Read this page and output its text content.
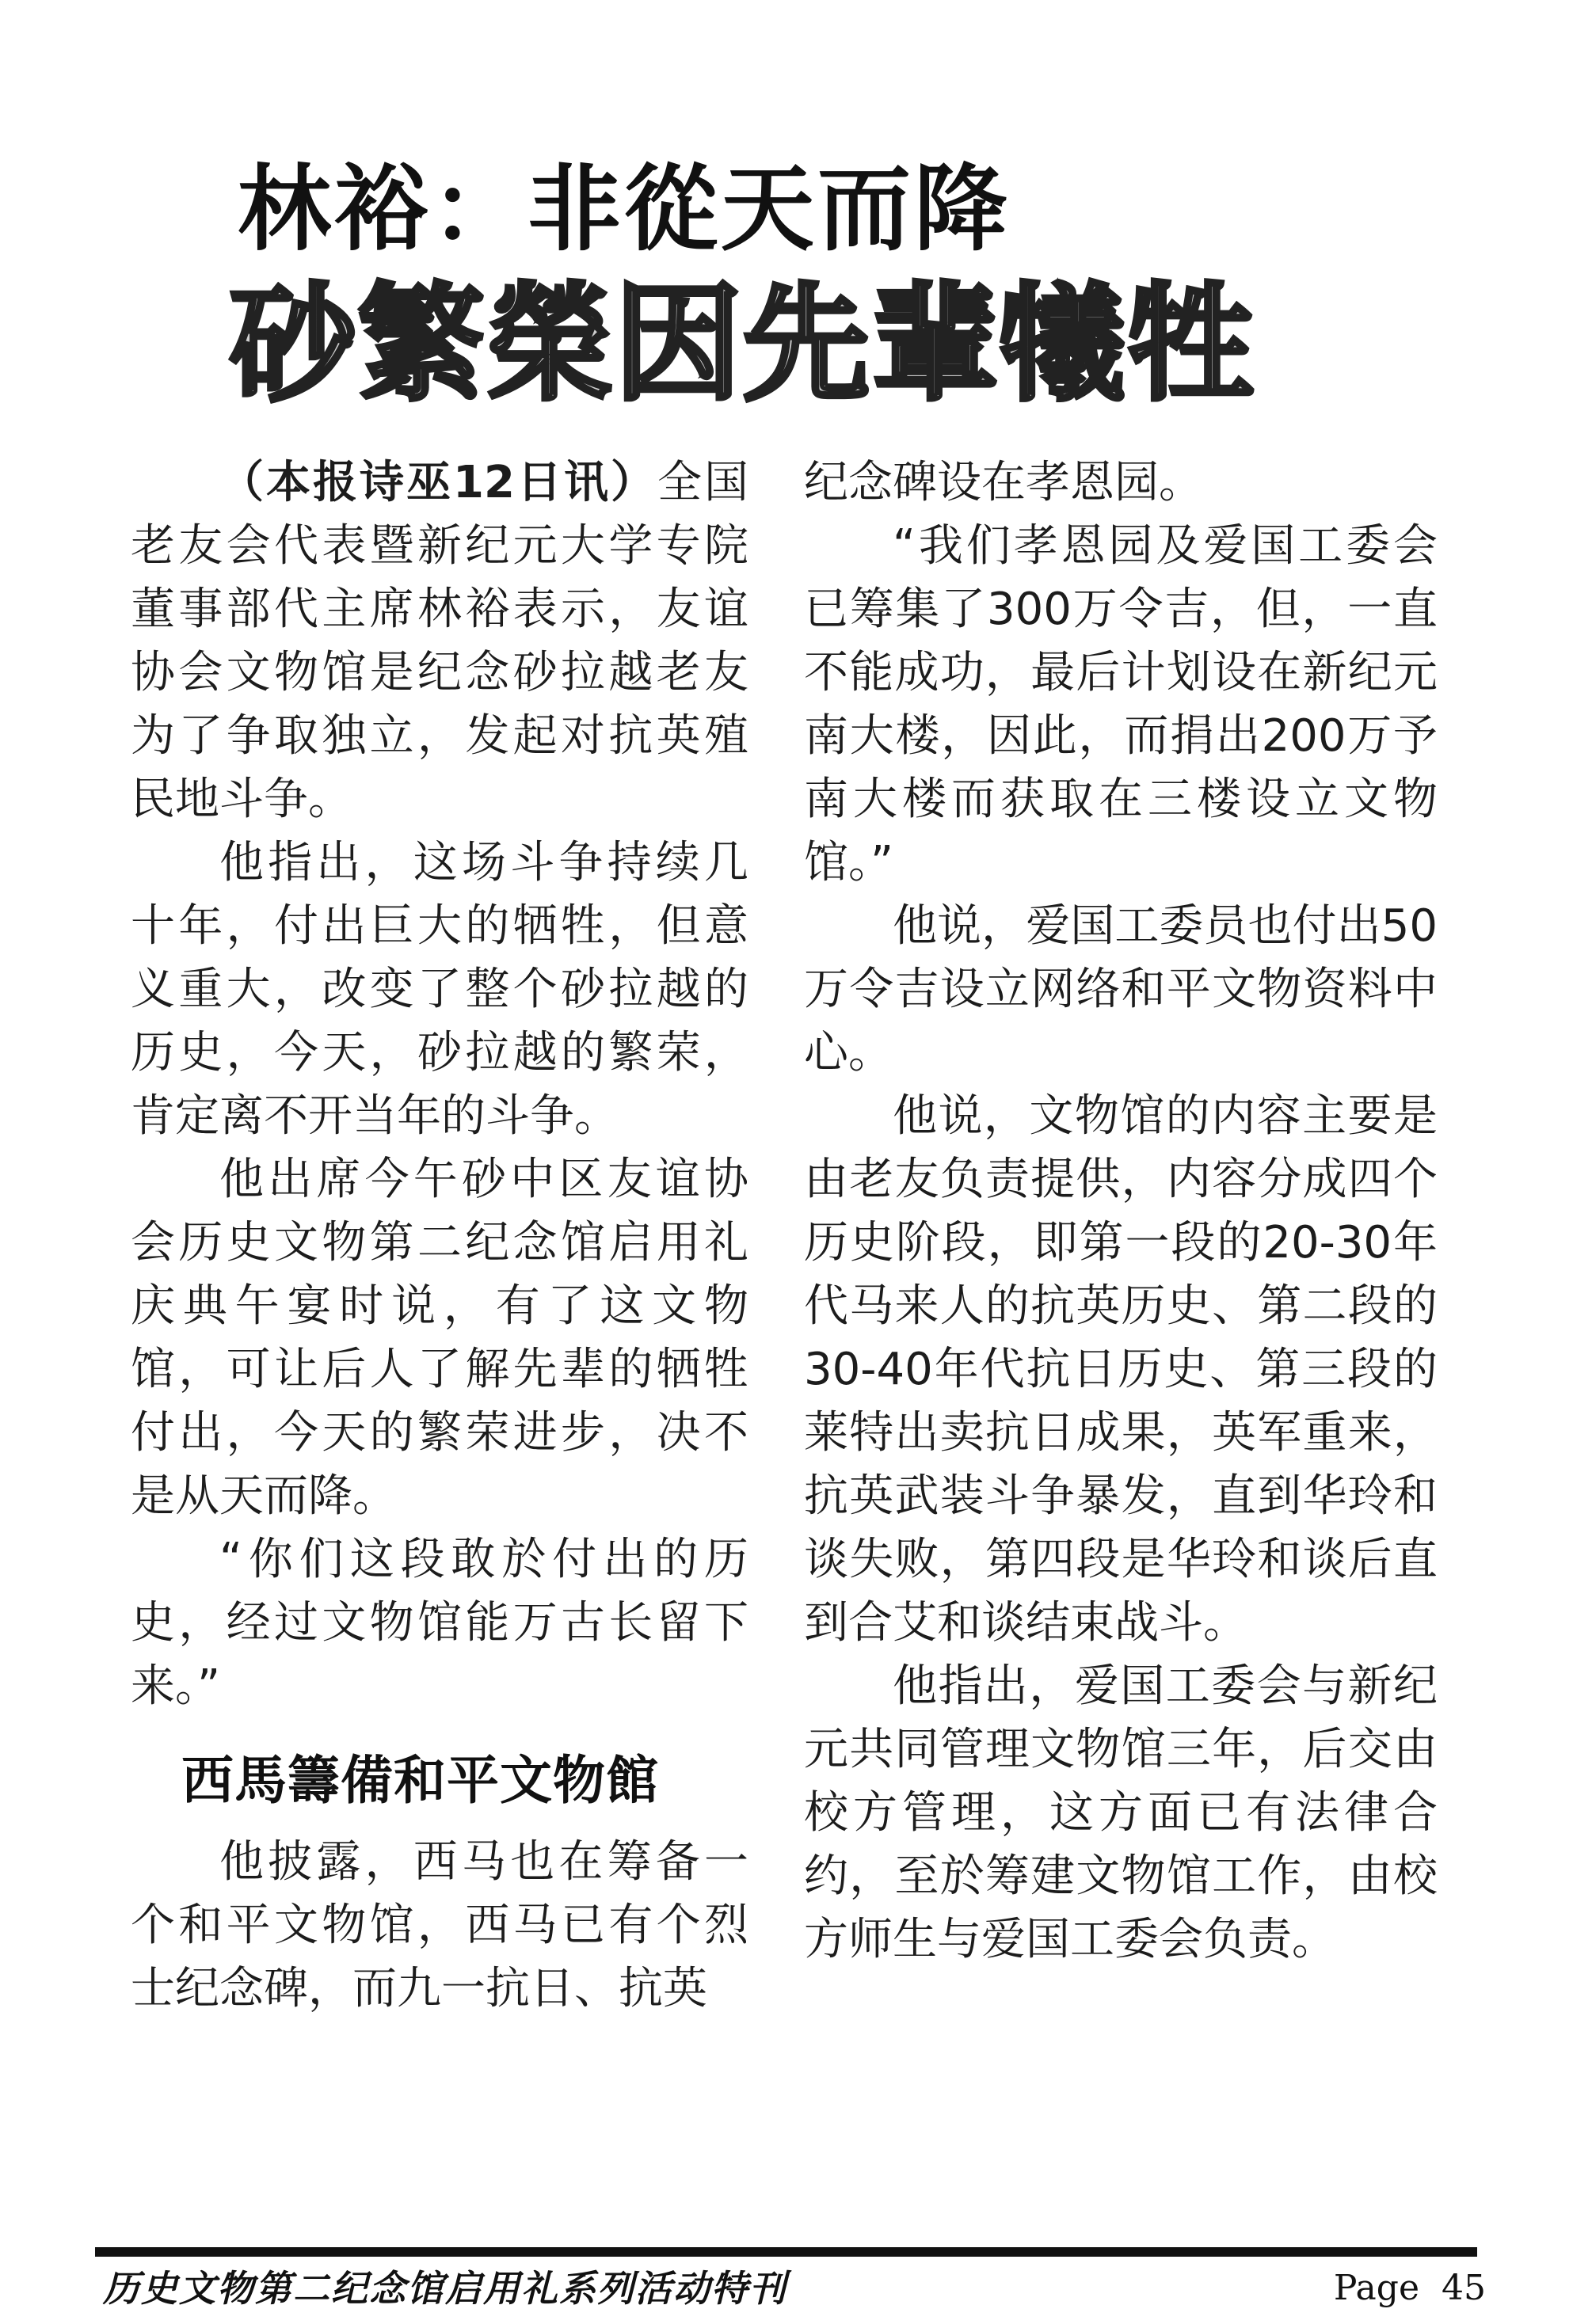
林裕：非從天而降
砂繁榮因先輩犧牲

（本报诗巫12日讯）全国老友会代表暨新纪元大学专院董事部代主席林裕表示，友谊协会文物馆是纪念砂拉越老友为了争取独立，发起对抗英殖民地斗争。

他指出，这场斗争持续几十年，付出巨大的牺牲，但意义重大，改变了整个砂拉越的历史，今天，砂拉越的繁荣，肯定离不开当年的斗争。

他出席今午砂中区友谊协会历史文物第二纪念馆启用礼庆典午宴时说，有了这文物馆，可让后人了解先辈的牺牲付出，今天的繁荣进步，决不是从天而降。

“你们这段敢於付出的历史，经过文物馆能万古长留下来。”

西馬籌備和平文物館

他披露，西马也在筹备一个和平文物馆，西马已有个烈士纪念碑，而九一抗日、抗英

纪念碑设在孝恩园。

“我们孝恩园及爱国工委会已筹集了300万令吉，但，一直不能成功，最后计划设在新纪元南大楼，因此，而捐出200万予南大楼而获取在三楼设立文物馆。”

他说，爱国工委员也付出50万令吉设立网络和平文物资料中心。

他说，文物馆的内容主要是由老友负责提供，内容分成四个历史阶段，即第一段的20-30年代马来人的抗英历史、第二段的30-40年代抗日历史、第三段的莱特出卖抗日成果，英军重来，抗英武装斗争暴发，直到华玲和谈失败，第四段是华玲和谈后直到合艾和谈结束战斗。

他指出，爱国工委会与新纪元共同管理文物馆三年，后交由校方管理，这方面已有法律合约，至於筹建文物馆工作，由校方师生与爱国工委会负责。

历史文物第二纪念馆启用礼系列活动特刊	Page 45
